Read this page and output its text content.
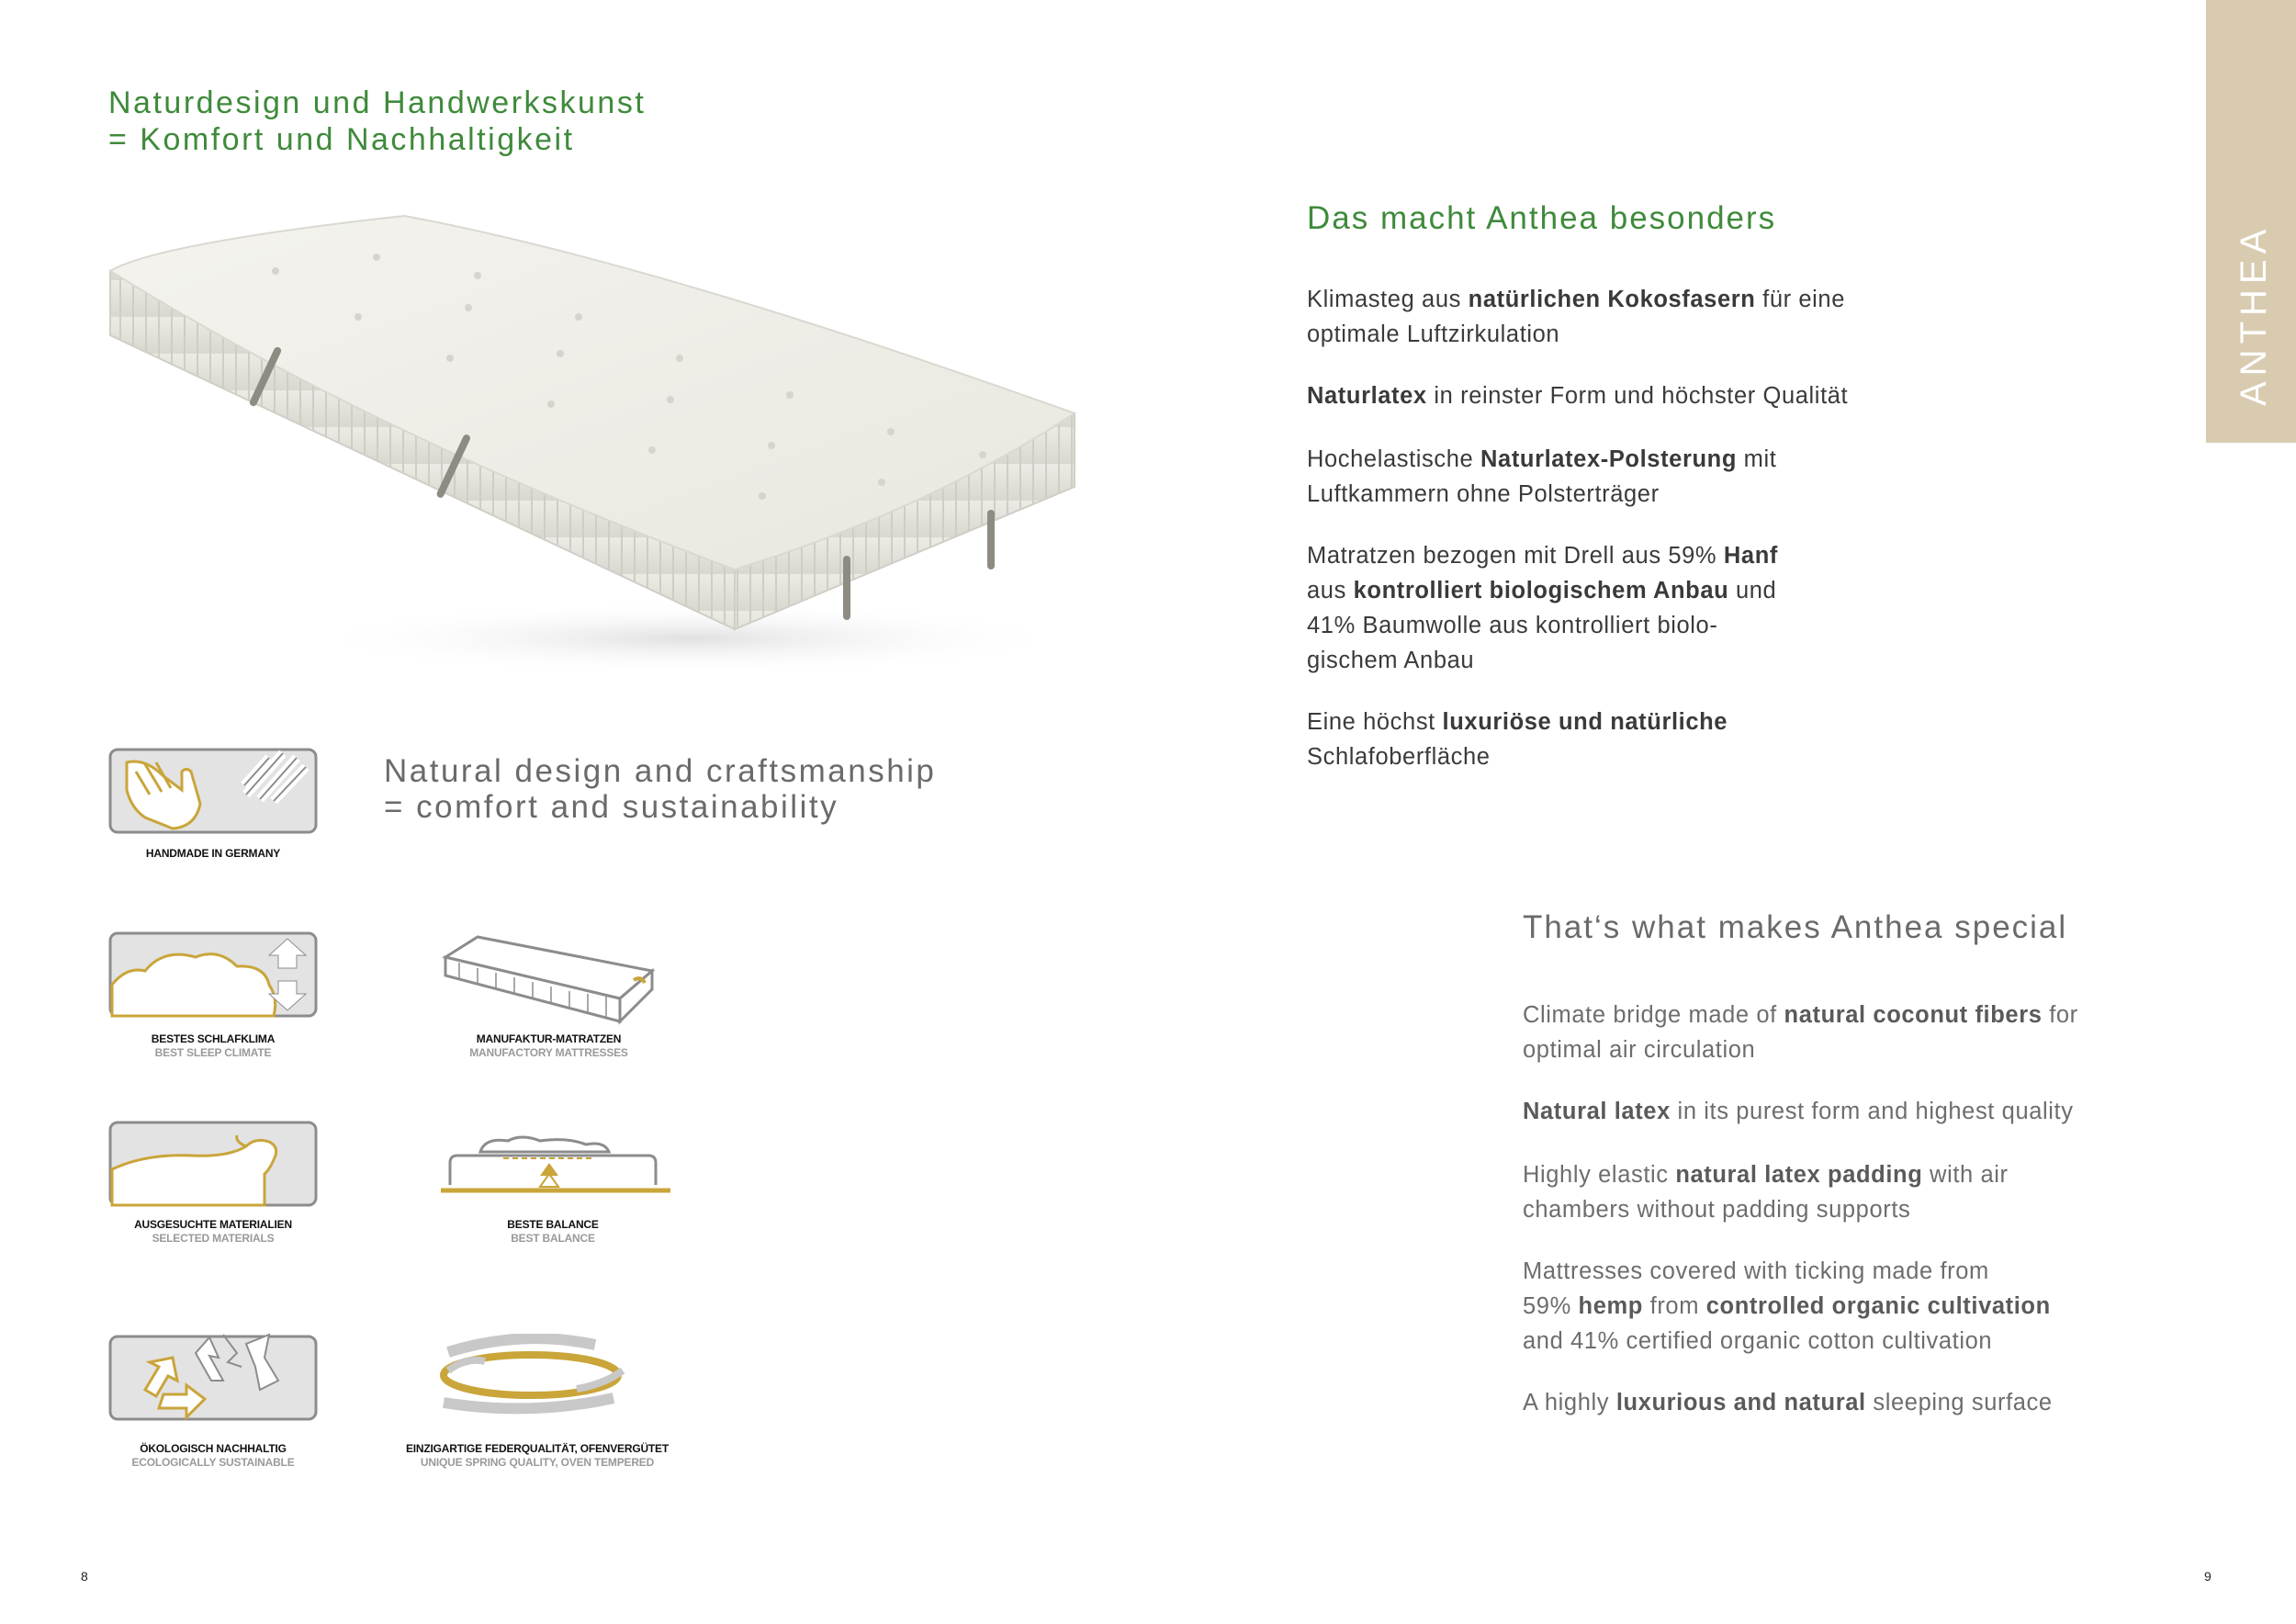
Naturdesign und Handwerkskunst
= Komfort und Nachhaltigkeit
Natural design and craftsmanship
= comfort and sustainability
HANDMADE IN GERMANY
BESTES SCHLAFKLIMA
BEST SLEEP CLIMATE
MANUFAKTUR-MATRATZEN
MANUFACTORY MATTRESSES
AUSGESUCHTE MATERIALIEN
SELECTED MATERIALS
BESTE BALANCE
BEST BALANCE
ÖKOLOGISCH NACHHALTIG
ECOLOGICALLY SUSTAINABLE
EINZIGARTIGE FEDERQUALITÄT, OFENVERGÜTET
UNIQUE SPRING QUALITY, OVEN TEMPERED
ANTHEA
Das macht Anthea besonders

Klimasteg aus natürlichen Kokosfasern für eine
optimale Luftzirkulation

Naturlatex in reinster Form und höchster Qualität

Hochelastische Naturlatex-Polsterung mit
Luftkammern ohne Polsterträger

Matratzen bezogen mit Drell aus 59% Hanf
aus kontrolliert biologischem Anbau und
41% Baumwolle aus kontrolliert biolo-
gischem Anbau

Eine höchst luxuriöse und natürliche
Schlafoberfläche

That‘s what makes Anthea special

Climate bridge made of natural coconut fibers for
optimal air circulation

Natural latex in its purest form and highest quality

Highly elastic natural latex padding with air
chambers without padding supports

Mattresses covered with ticking made from
59% hemp from controlled organic cultivation
and 41% certified organic cotton cultivation

A highly luxurious and natural sleeping surface

8	9
